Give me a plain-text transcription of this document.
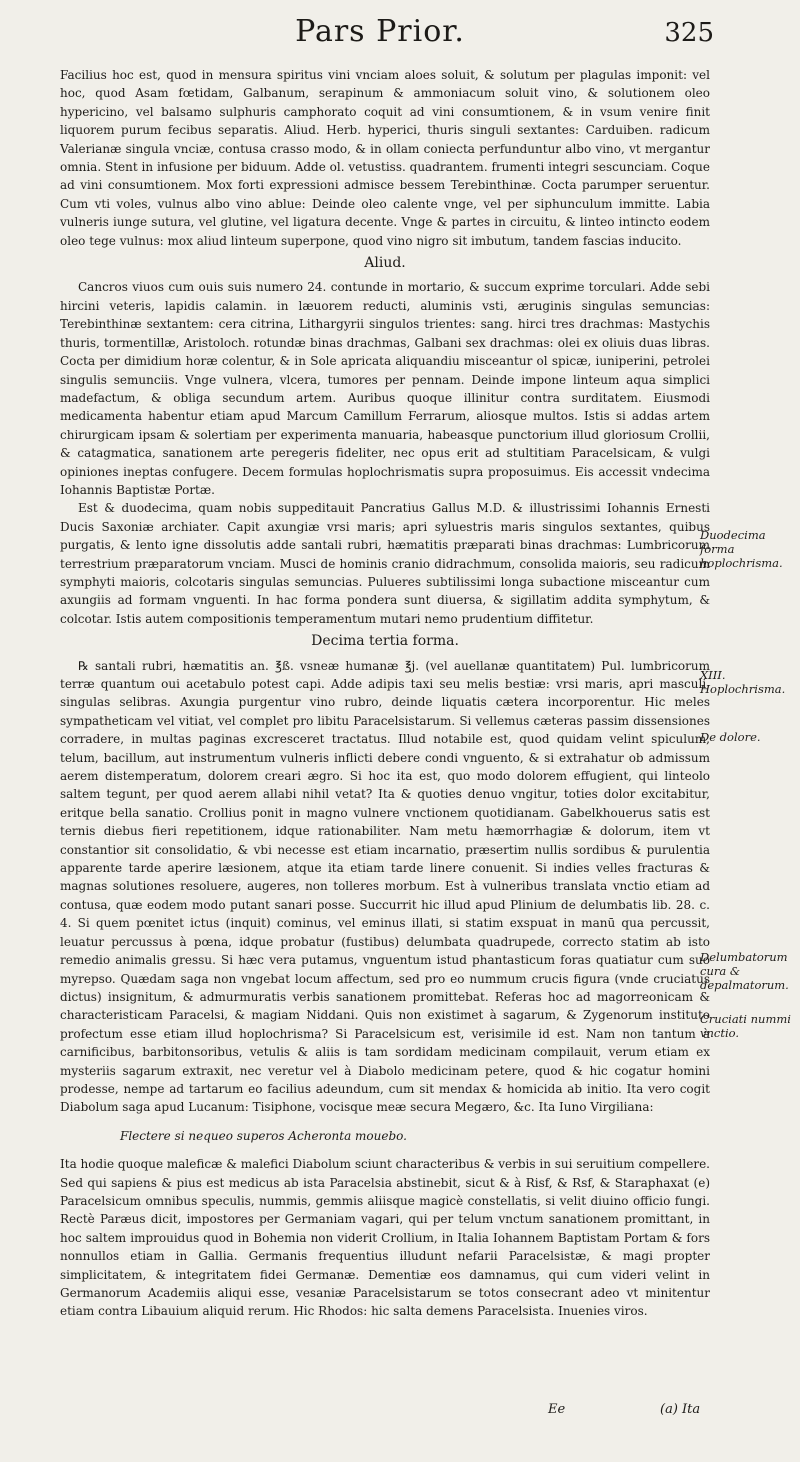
Pars Prior.	325

Facilius hoc est, quod in mensura spiritus vini vnciam aloes soluit, & solutum per plagulas imponit: vel hoc, quod Asam fœtidam, Galbanum, serapinum & ammoniacum soluit vino, & solutionem oleo hypericino, vel balsamo sulphuris camphorato coquit ad vini consumtionem, & in vsum venire finit liquorem purum fecibus separatis. Aliud. Herb. hyperici, thuris singuli sextantes: Carduiben. radicum Valerianæ singula vnciæ, contusa crasso modo, & in ollam coniecta perfunduntur albo vino, vt mergantur omnia. Stent in infusione per biduum. Adde ol. vetustiss. quadrantem. frumenti integri sescunciam. Coque ad vini consumtionem. Mox forti expressioni admisce bessem Terebinthinæ. Cocta parumper seruentur. Cum vti voles, vulnus albo vino ablue: Deinde oleo calente vnge, vel per siphunculum immitte. Labia vulneris iunge sutura, vel glutine, vel ligatura decente. Vnge & partes in circuitu, & linteo intincto eodem oleo tege vulnus: mox aliud linteum superpone, quod vino nigro sit imbutum, tandem fascias inducito.

Aliud.

Cancros viuos cum ouis suis numero 24. contunde in mortario, & succum exprime torculari. Adde sebi hircini veteris, lapidis calamin. in læuorem reducti, aluminis vsti, æruginis singulas semuncias: Terebinthinæ sextantem: cera citrina, Lithargyrii singulos trientes: sang. hirci tres drachmas: Mastychis thuris, tormentillæ, Aristoloch. rotundæ binas drachmas, Galbani sex drachmas: olei ex oliuis duas libras. Cocta per dimidium horæ colentur, & in Sole apricata aliquandiu misceantur ol spicæ, iuniperini, petrolei singulis semunciis. Vnge vulnera, vlcera, tumores per pennam. Deinde impone linteum aqua simplici madefactum, & obliga secundum artem. Auribus quoque illinitur contra surditatem. Eiusmodi medicamenta habentur etiam apud Marcum Camillum Ferrarum, aliosque multos. Istis si addas artem chirurgicam ipsam & solertiam per experimenta manuaria, habeasque punctorium illud gloriosum Crollii, & catagmatica, sanationem arte peregeris fideliter, nec opus erit ad stultitiam Paracelsicam, & vulgi opiniones ineptas confugere. Decem formulas hoplochrismatis supra proposuimus. Eis accessit vndecima Iohannis Baptistæ Portæ.

Est & duodecima, quam nobis suppeditauit Pancratius Gallus M.D. & illustrissimi Iohannis Ernesti Ducis Saxoniæ archiater. Capit axungiæ vrsi maris; apri syluestris maris singulos sextantes, quibus purgatis, & lento igne dissolutis adde santali rubri, hæmatitis præparati binas drachmas: Lumbricorum terrestrium præparatorum vnciam. Musci de hominis cranio didrachmum, consolida maioris, seu radicum symphyti maioris, colcotaris singulas semuncias. Pulueres subtilissimi longa subactione misceantur cum axungiis ad formam vnguenti. In hac forma pondera sunt diuersa, & sigillatim addita symphytum, & colcotar. Istis autem compositionis temperamentum mutari nemo prudentium diffitetur.

Decima tertia forma.

℞ santali rubri, hæmatitis an. ℥ß. vsneæ humanæ ℥j. (vel auellanæ quantitatem) Pul. lumbricorum terræ quantum oui acetabulo potest capi. Adde adipis taxi seu melis bestiæ: vrsi maris, apri masculi, singulas selibras. Axungia purgentur vino rubro, deinde liquatis cætera incorporentur. Hic meles sympatheticam vel vitiat, vel complet pro libitu Paracelsistarum. Si vellemus cæteras passim dissensiones corradere, in multas paginas excresceret tractatus. Illud notabile est, quod quidam velint spiculum, telum, bacillum, aut instrumentum vulneris inflicti debere condi vnguento, & si extrahatur ob admissum aerem distemperatum, dolorem creari ægro. Si hoc ita est, quo modo dolorem effugient, qui linteolo saltem tegunt, per quod aerem allabi nihil vetat? Ita & quoties denuo vngitur, toties dolor excitabitur, eritque bella sanatio. Crollius ponit in magno vulnere vnctionem quotidianam. Gabelkhouerus satis est ternis diebus fieri repetitionem, idque rationabiliter. Nam metu hæmorrhagiæ & dolorum, item vt constantior sit consolidatio, & vbi necesse est etiam incarnatio, præsertim nullis sordibus & purulentia apparente tarde aperire læsionem, atque ita etiam tarde linere conuenit. Si indies velles fracturas & magnas solutiones resoluere, augeres, non tolleres morbum. Est à vulneribus translata vnctio etiam ad contusa, quæ eodem modo putant sanari posse. Succurrit hic illud apud Plinium de delumbatis lib. 28. c. 4. Si quem pœnitet ictus (inquit) cominus, vel eminus illati, si statim exspuat in manū qua percussit, leuatur percussus à pœna, idque probatur (fustibus) delumbata quadrupede, correcto statim ab isto remedio animalis gressu. Si hæc vera putamus, vnguentum istud phantasticum foras quatiatur cum suo myrepso. Quædam saga non vngebat locum affectum, sed pro eo nummum crucis figura (vnde cruciatus dictus) insignitum, & admurmuratis verbis sanationem promittebat. Referas hoc ad magorreonicam & characteristicam Paracelsi, & magiam Niddani. Quis non existimet à sagarum, & Zygenorum instituto profectum esse etiam illud hoplochrisma? Si Paracelsicum est, verisimile id est. Nam non tantum à carnificibus, barbitonsoribus, vetulis & aliis is tam sordidam medicinam compilauit, verum etiam ex mysteriis sagarum extraxit, nec veretur vel à Diabolo medicinam petere, quod & hic cogatur homini prodesse, nempe ad tartarum eo facilius adeundum, cum sit mendax & homicida ab initio. Ita vero cogit Diabolum saga apud Lucanum: Tisiphone, vocisque meæ secura Megæro, &c. Ita Iuno Virgiliana:

Flectere si nequeo superos Acheronta mouebo.

Ita hodie quoque maleficæ & malefici Diabolum sciunt characteribus & verbis in sui seruitium compellere. Sed qui sapiens & pius est medicus ab ista Paracelsia abstinebit, sicut & à Risf, & Rsf, & Staraphaxat (e) Paracelsicum omnibus speculis, nummis, gemmis aliisque magicè constellatis, si velit diuino officio fungi. Rectè Paræus dicit, impostores per Germaniam vagari, qui per telum vnctum sanationem promittant, in hoc saltem improuidus quod in Bohemia non viderit Crollium, in Italia Iohannem Baptistam Portam & fors nonnullos etiam in Gallia. Germanis frequentius illudunt nefarii Paracelsistæ, & magi propter simplicitatem, & integritatem fidei Germanæ. Dementiæ eos damnamus, qui cum videri velint in Germanorum Academiis aliqui esse, vesaniæ Paracelsistarum se totos consecrant adeo vt minitentur etiam contra Libauium aliquid rerum. Hic Rhodos: hic salta demens Paracelsista. Inuenies viros.

Duodecima forma hoplochrisma.
XIII. Hoplochrisma.
De dolore.
Delumbatorum cura & depalmatorum.
Cruciati nummi vnctio.
Ee	(a) Ita
